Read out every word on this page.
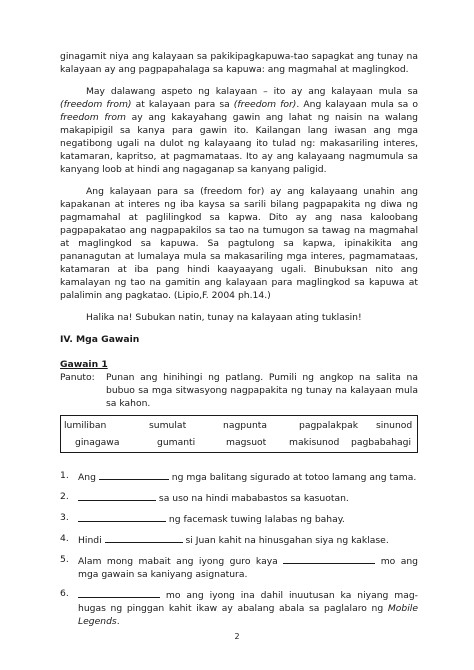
ginagamit niya ang kalayaan sa pakikipagkapuwa-tao sapagkat ang tunay na kalayaan ay ang pagpapahalaga sa kapuwa: ang magmahal at maglingkod.

May dalawang aspeto ng kalayaan – ito ay ang kalayaan mula sa (freedom from) at kalayaan para sa (freedom for). Ang kalayaan mula sa o freedom from ay ang kakayahang gawin ang lahat ng naisin na walang makapipigil sa kanya para gawin ito. Kailangan lang iwasan ang mga negatibong ugali na dulot ng kalayaang ito tulad ng: makasariling interes, katamaran, kapritso, at pagmamataas. Ito ay ang kalayaang nagmumula sa kanyang loob at hindi ang nagaganap sa kanyang paligid.

Ang kalayaan para sa (freedom for) ay ang kalayaang unahin ang kapakanan at interes ng iba kaysa sa sarili bilang pagpapakita ng diwa ng pagmamahal at paglilingkod sa kapwa. Dito ay ang nasa kaloobang pagpapakatao ang nagpapakilos sa tao na tumugon sa tawag na magmahal at maglingkod sa kapuwa. Sa pagtulong sa kapwa, ipinakikita ang pananagutan at lumalaya mula sa makasariling mga interes, pagmamataas, katamaran at iba pang hindi kaayaayang ugali. Binubuksan nito ang kamalayan ng tao na gamitin ang kalayaan para maglingkod sa kapuwa at palalimin ang pagkatao. (Lipio,F. 2004 ph.14.)

Halika na! Subukan natin, tunay na kalayaan ating tuklasin!

IV. Mga Gawain

Gawain 1

Panuto:	Punan ang hinihingi ng patlang. Pumili ng angkop na salita na bubuo sa mga sitwasyong nagpapakita ng tunay na kalayaan mula sa kahon.
lumiliban	sumulat	nagpunta	pagpalakpak sinunod
ginagawa	gumanti	magsuot makisunod pagbabahagi
1.	Ang	ng mga balitang sigurado at totoo lamang ang tama.
2.	sa uso na hindi mababastos sa kasuotan.
3.	ng facemask tuwing lalabas ng bahay.
4.	Hindi	si Juan kahit na hinusgahan siya ng kaklase.
5.	Alam mong mabait ang iyong guro kaya	mo ang mga gawain sa kaniyang asignatura.
6.	mo ang iyong ina dahil inuutusan ka niyang mag-hugas ng pinggan kahit ikaw ay abalang abala sa paglalaro ng Mobile Legends.
2
